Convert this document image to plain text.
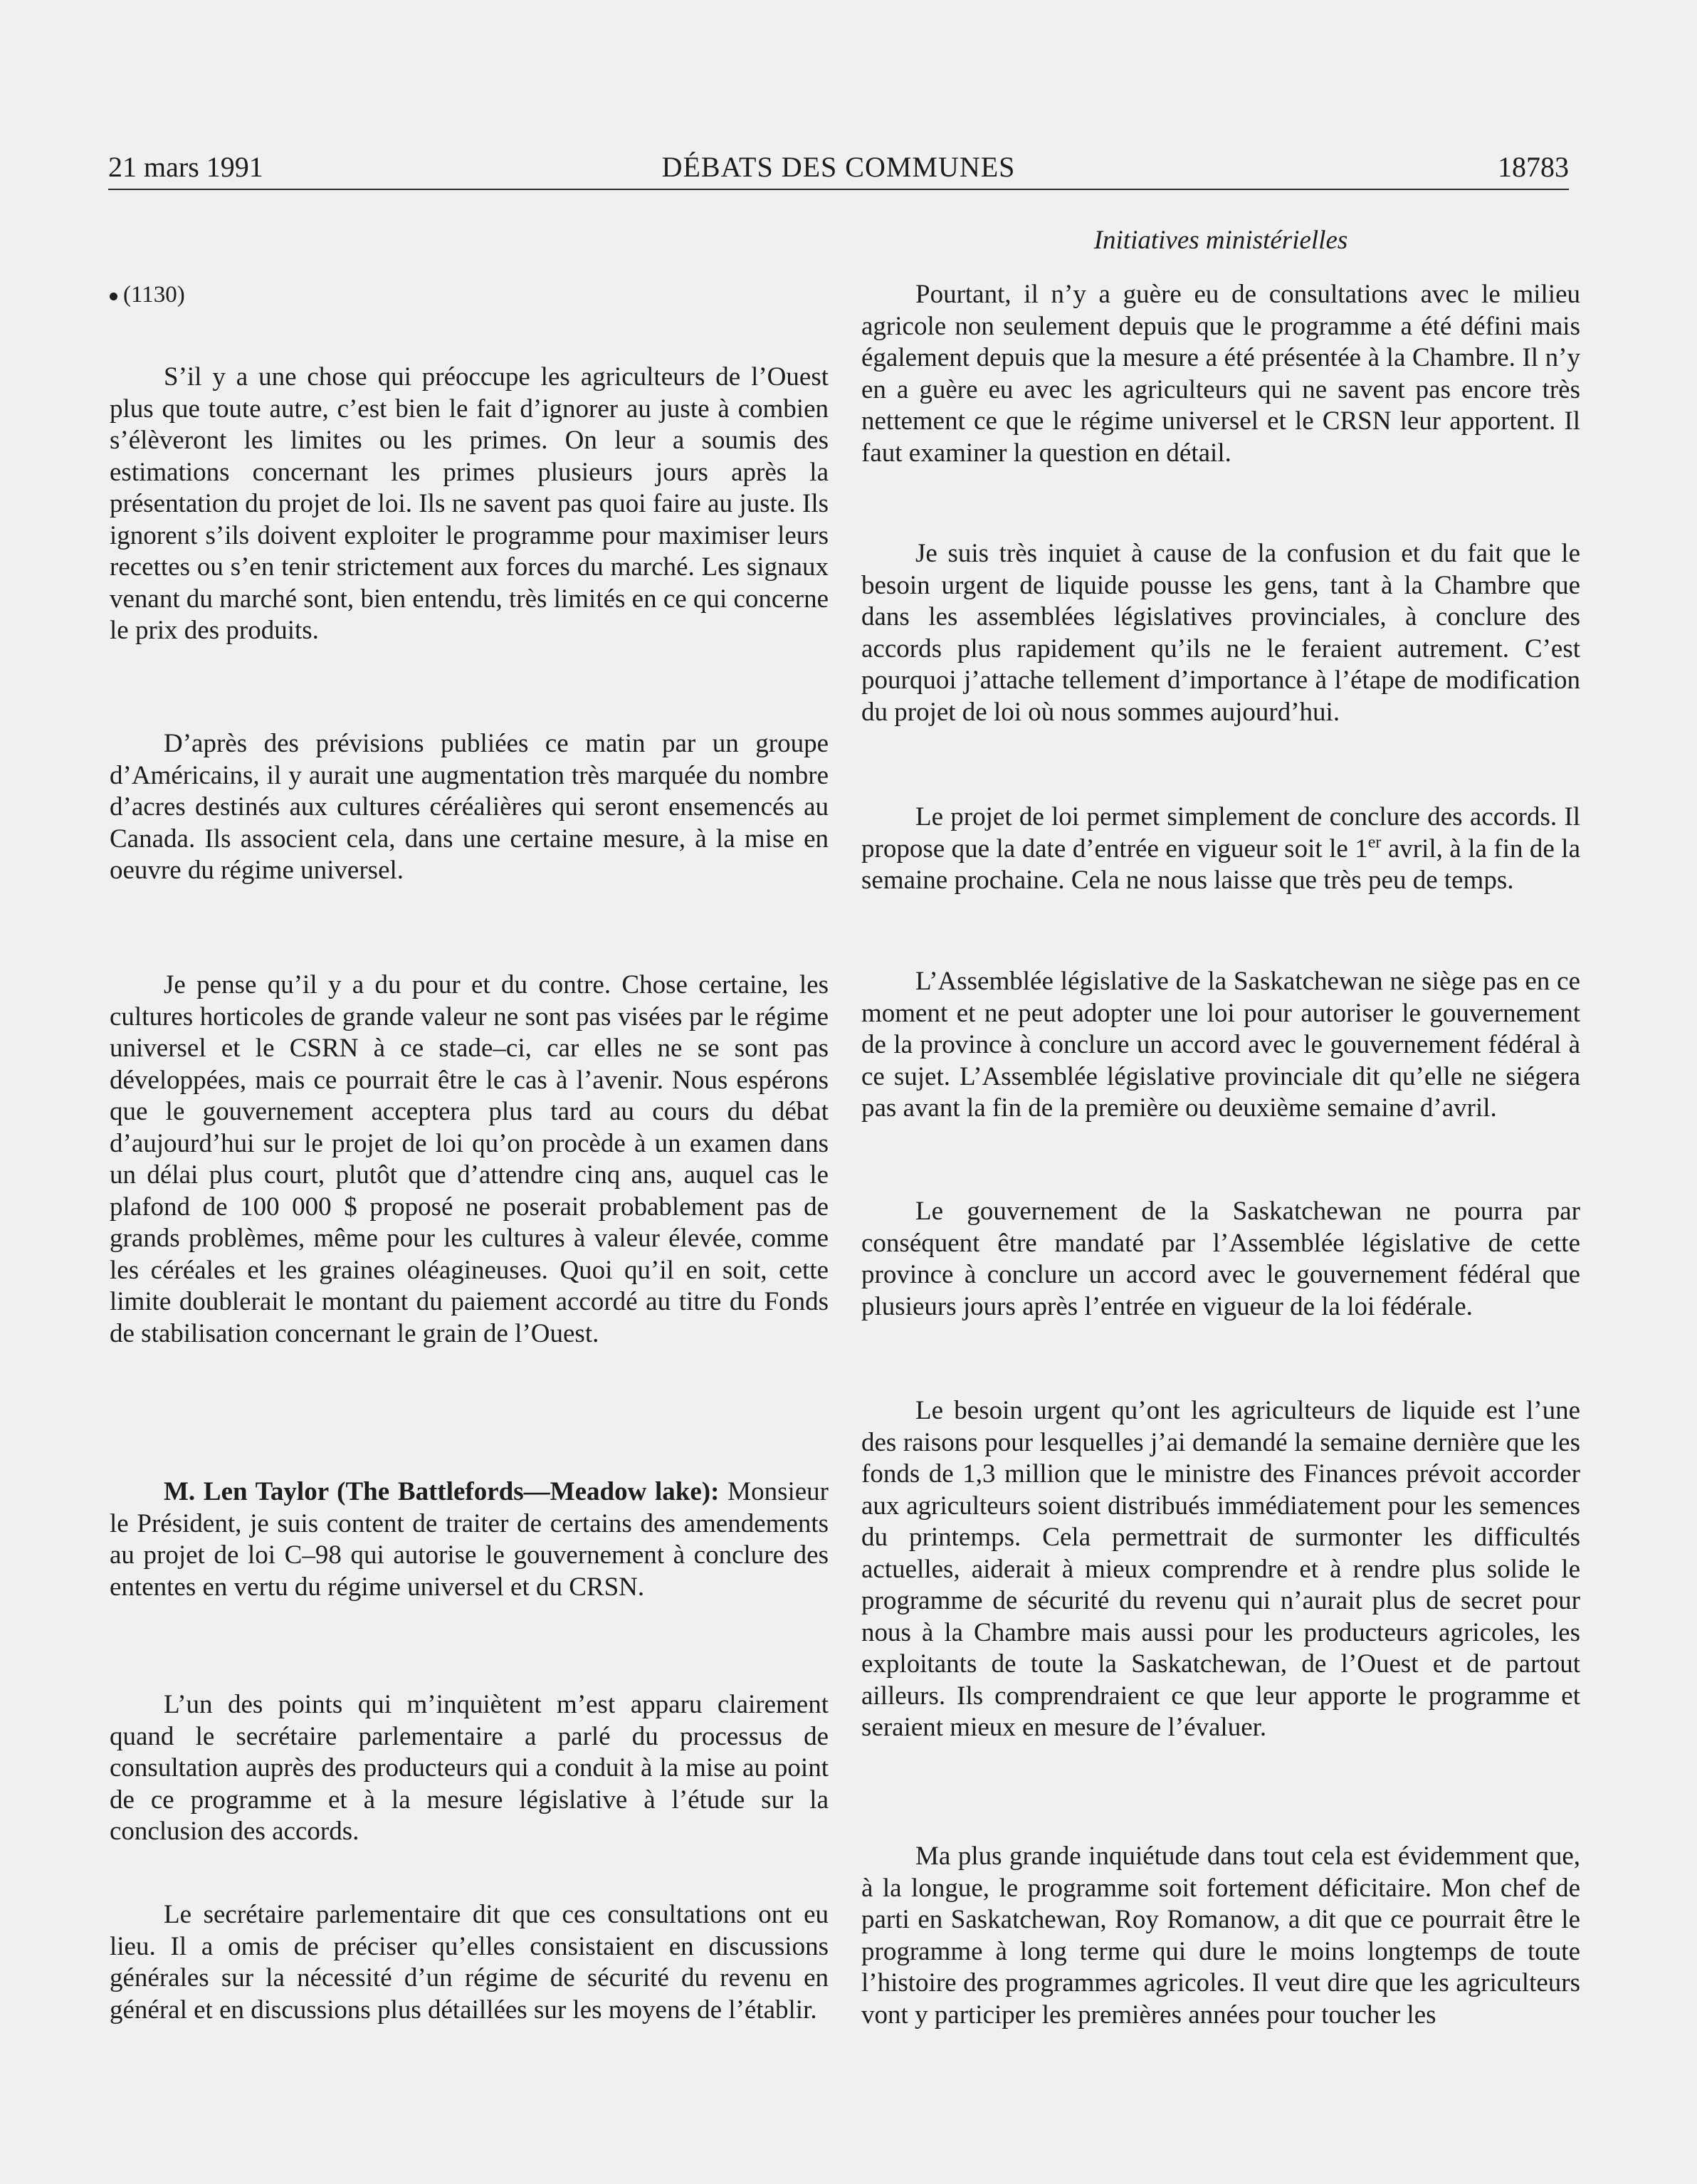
21 mars 1991	DÉBATS DES COMMUNES	18783
Initiatives ministérielles
(1130)

S’il y a une chose qui préoccupe les agriculteurs de l’Ouest plus que toute autre, c’est bien le fait d’ignorer au juste à combien s’élèveront les limites ou les primes. On leur a soumis des estimations concernant les primes plusieurs jours après la présentation du projet de loi. Ils ne savent pas quoi faire au juste. Ils ignorent s’ils doivent exploiter le programme pour maximiser leurs recettes ou s’en tenir strictement aux forces du marché. Les signaux venant du marché sont, bien entendu, très limités en ce qui concerne le prix des produits.

D’après des prévisions publiées ce matin par un groupe d’Américains, il y aurait une augmentation très marquée du nombre d’acres destinés aux cultures céréalières qui seront ensemencés au Canada. Ils associent cela, dans une certaine mesure, à la mise en oeuvre du régime universel.

Je pense qu’il y a du pour et du contre. Chose certaine, les cultures horticoles de grande valeur ne sont pas visées par le régime universel et le CSRN à ce stade–ci, car elles ne se sont pas développées, mais ce pourrait être le cas à l’avenir. Nous espérons que le gouvernement acceptera plus tard au cours du débat d’aujourd’hui sur le projet de loi qu’on procède à un examen dans un délai plus court, plutôt que d’attendre cinq ans, auquel cas le plafond de 100 000 $ proposé ne poserait probablement pas de grands problèmes, même pour les cultures à valeur élevée, comme les céréales et les graines oléagineuses. Quoi qu’il en soit, cette limite doublerait le montant du paiement accordé au titre du Fonds de stabilisation concernant le grain de l’Ouest.

M. Len Taylor (The Battlefords—Meadow lake): Monsieur le Président, je suis content de traiter de certains des amendements au projet de loi C–98 qui autorise le gouvernement à conclure des ententes en vertu du régime universel et du CRSN.

L’un des points qui m’inquiètent m’est apparu clairement quand le secrétaire parlementaire a parlé du processus de consultation auprès des producteurs qui a conduit à la mise au point de ce programme et à la mesure législative à l’étude sur la conclusion des accords.

Le secrétaire parlementaire dit que ces consultations ont eu lieu. Il a omis de préciser qu’elles consistaient en discussions générales sur la nécessité d’un régime de sécurité du revenu en général et en discussions plus détaillées sur les moyens de l’établir.

Pourtant, il n’y a guère eu de consultations avec le milieu agricole non seulement depuis que le programme a été défini mais également depuis que la mesure a été présentée à la Chambre. Il n’y en a guère eu avec les agriculteurs qui ne savent pas encore très nettement ce que le régime universel et le CRSN leur apportent. Il faut examiner la question en détail.

Je suis très inquiet à cause de la confusion et du fait que le besoin urgent de liquide pousse les gens, tant à la Chambre que dans les assemblées législatives provinciales, à conclure des accords plus rapidement qu’ils ne le feraient autrement. C’est pourquoi j’attache tellement d’importance à l’étape de modification du projet de loi où nous sommes aujourd’hui.

Le projet de loi permet simplement de conclure des accords. Il propose que la date d’entrée en vigueur soit le 1er avril, à la fin de la semaine prochaine. Cela ne nous laisse que très peu de temps.

L’Assemblée législative de la Saskatchewan ne siège pas en ce moment et ne peut adopter une loi pour autoriser le gouvernement de la province à conclure un accord avec le gouvernement fédéral à ce sujet. L’Assemblée législative provinciale dit qu’elle ne siégera pas avant la fin de la première ou deuxième semaine d’avril.

Le gouvernement de la Saskatchewan ne pourra par conséquent être mandaté par l’Assemblée législative de cette province à conclure un accord avec le gouvernement fédéral que plusieurs jours après l’entrée en vigueur de la loi fédérale.

Le besoin urgent qu’ont les agriculteurs de liquide est l’une des raisons pour lesquelles j’ai demandé la semaine dernière que les fonds de 1,3 million que le ministre des Finances prévoit accorder aux agriculteurs soient distribués immédiatement pour les semences du printemps. Cela permettrait de surmonter les difficultés actuelles, aiderait à mieux comprendre et à rendre plus solide le programme de sécurité du revenu qui n’aurait plus de secret pour nous à la Chambre mais aussi pour les producteurs agricoles, les exploitants de toute la Saskatchewan, de l’Ouest et de partout ailleurs. Ils comprendraient ce que leur apporte le programme et seraient mieux en mesure de l’évaluer.

Ma plus grande inquiétude dans tout cela est évidemment que, à la longue, le programme soit fortement déficitaire. Mon chef de parti en Saskatchewan, Roy Romanow, a dit que ce pourrait être le programme à long terme qui dure le moins longtemps de toute l’histoire des programmes agricoles. Il veut dire que les agriculteurs vont y participer les premières années pour toucher les
